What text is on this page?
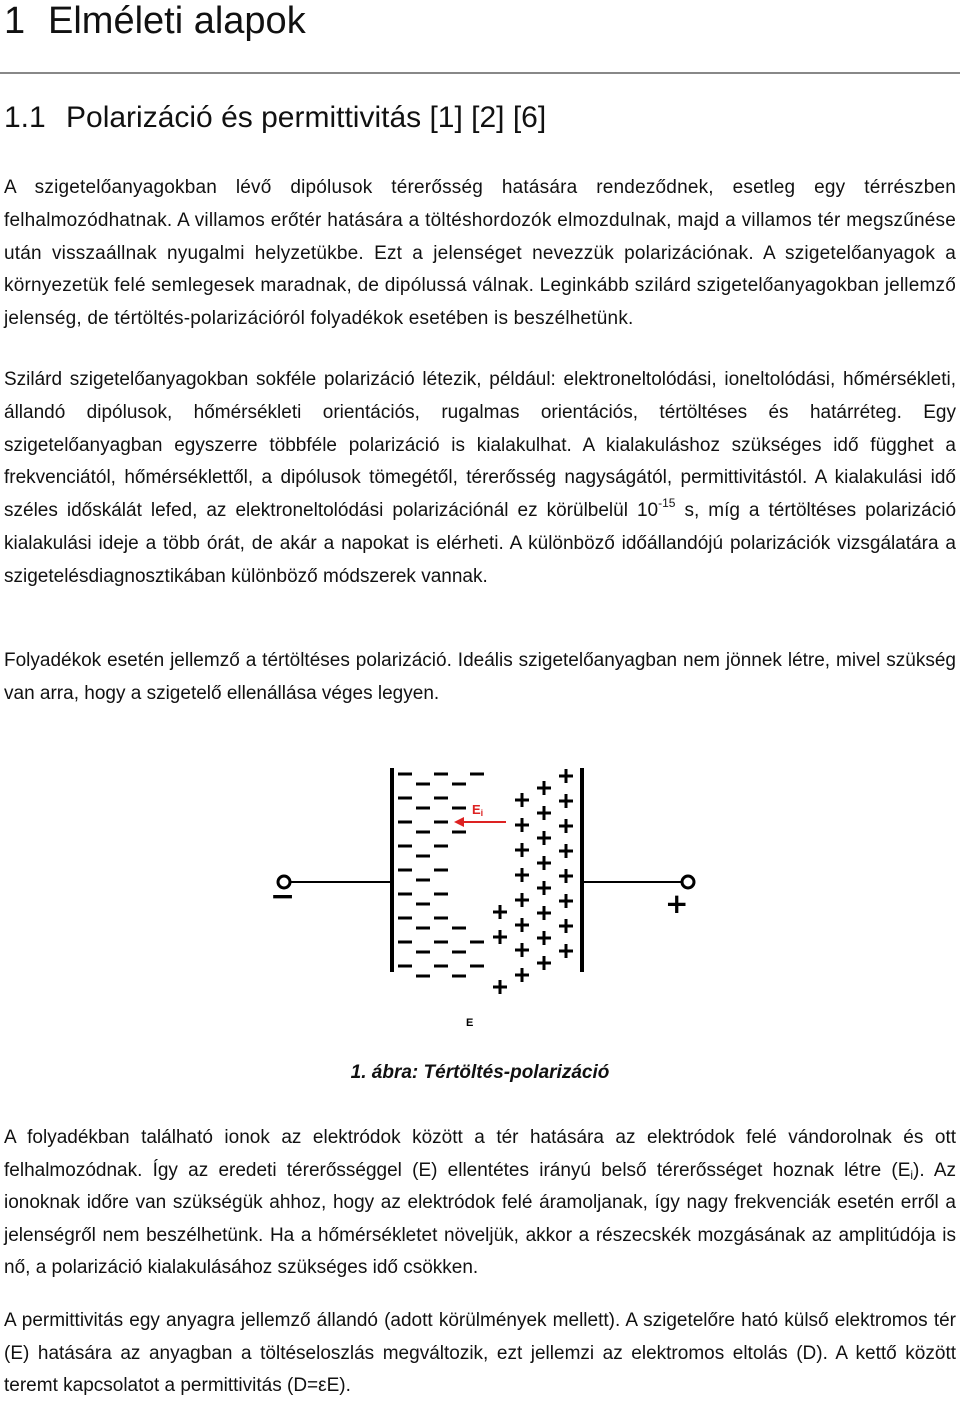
1 Elméleti alapok
1.1 Polarizáció és permittivitás [1] [2] [6]

A szigetelőanyagokban lévő dipólusok térerősség hatására rendeződnek, esetleg egy térrészben felhalmozódhatnak. A villamos erőtér hatására a töltéshordozók elmozdulnak, majd a villamos tér megszűnése után visszaállnak nyugalmi helyzetükbe. Ezt a jelenséget nevezzük polarizációnak. A szigetelőanyagok a környezetük felé semlegesek maradnak, de dipólussá válnak. Leginkább szilárd szigetelőanyagokban jellemző jelenség, de tértöltés-polarizációról folyadékok esetében is beszélhetünk.

Szilárd szigetelőanyagokban sokféle polarizáció létezik, például: elektroneltolódási, ioneltolódási, hőmérsékleti, állandó dipólusok, hőmérsékleti orientációs, rugalmas orientációs, tértöltéses és határréteg. Egy szigetelőanyagban egyszerre többféle polarizáció is kialakulhat. A kialakuláshoz szükséges idő függhet a frekvenciától, hőmérséklettől, a dipólusok tömegétől, térerősség nagyságától, permittivitástól. A kialakulási idő széles időskálát lefed, az elektroneltolódási polarizációnál ez körülbelül $10^{-15}$ s, míg a tértöltéses polarizáció kialakulási ideje a több órát, de akár a napokat is elérheti. A különböző időállandójú polarizációk vizsgálatára a szigetelésdiagnosztikában különböző módszerek vannak.

Folyadékok esetén jellemző a tértöltéses polarizáció. Ideális szigetelőanyagban nem jönnek létre, mivel szükség van arra, hogy a szigetelő ellenállása véges legyen.

−	+
Ei
E
1. ábra: Tértöltés-polarizáció

A folyadékban található ionok az elektródok között a tér hatására az elektródok felé vándorolnak és ott felhalmozódnak. Így az eredeti térerősséggel (E) ellentétes irányú belső térerősséget hoznak létre $(E_i)$. Az ionoknak időre van szükségük ahhoz, hogy az elektródok felé áramoljanak, így nagy frekvenciák esetén erről a jelenségről nem beszélhetünk. Ha a hőmérsékletet növeljük, akkor a részecskék mozgásának az amplitúdója is nő, a polarizáció kialakulásához szükséges idő csökken.

A permittivitás egy anyagra jellemző állandó (adott körülmények mellett). A szigetelőre ható külső elektromos tér (E) hatására az anyagban a töltéseloszlás megváltozik, ezt jellemzi az elektromos eltolás (D). A kettő között teremt kapcsolatot a permittivitás (D=εE).
